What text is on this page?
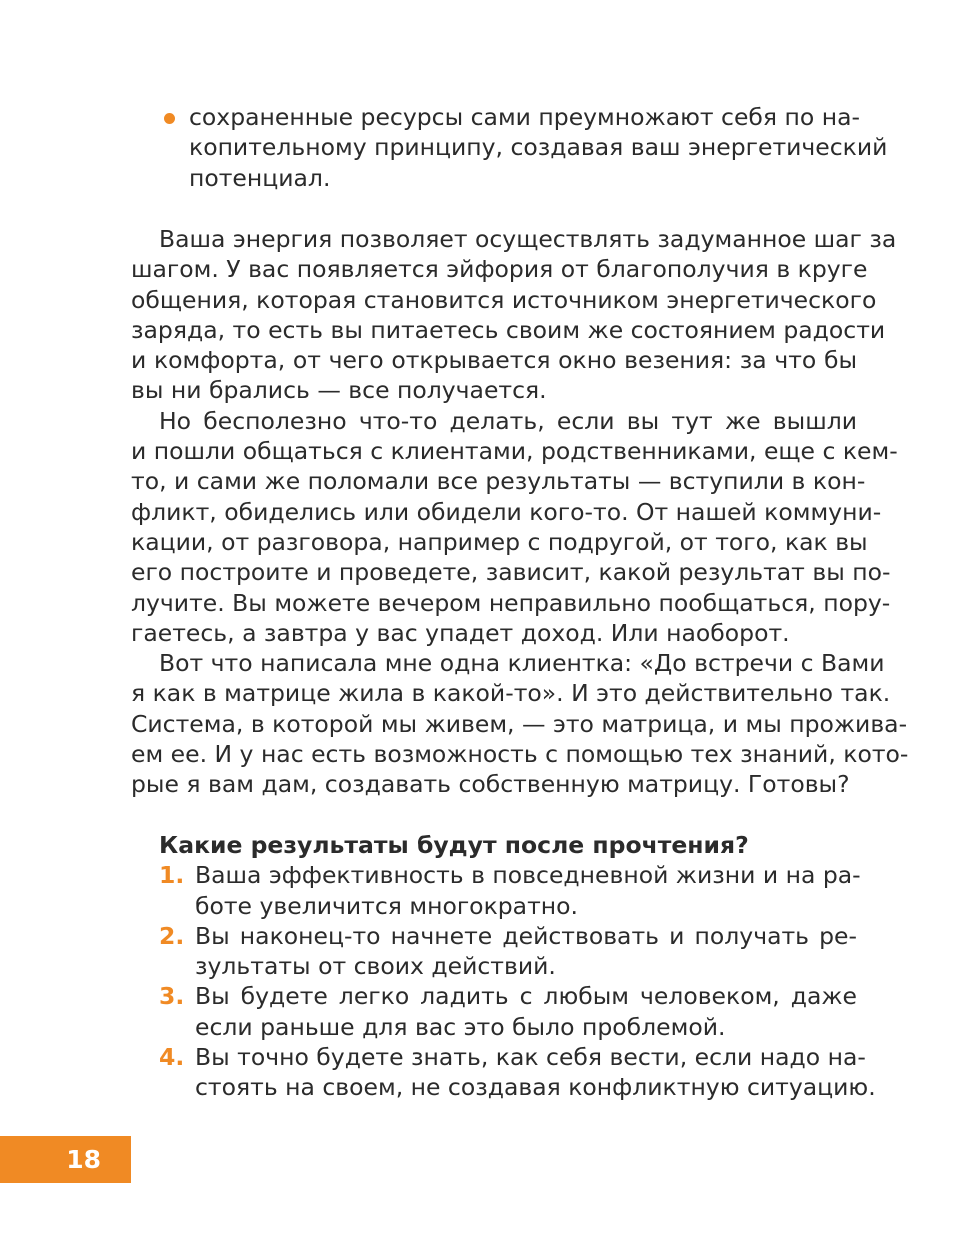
сохраненные ресурсы сами преумножают себя по на-
копительному принципу, создавая ваш энергетический
потенциал.
Ваша энергия позволяет осуществлять задуманное шаг за
шагом. У вас появляется эйфория от благополучия в круге
общения, которая становится источником энергетического
заряда, то есть вы питаетесь своим же состоянием радости
и комфорта, от чего открывается окно везения: за что бы
вы ни брались — все получается.
Но бесполезно что-то делать, если вы тут же вышли
и пошли общаться с клиентами, родственниками, еще с кем-
то, и сами же поломали все результаты — вступили в кон-
фликт, обиделись или обидели кого-то. От нашей коммуни-
кации, от разговора, например с подругой, от того, как вы
его построите и проведете, зависит, какой результат вы по-
лучите. Вы можете вечером неправильно пообщаться, пору-
гаетесь, а завтра у вас упадет доход. Или наоборот.
Вот что написала мне одна клиентка: «До встречи с Вами
я как в матрице жила в какой-то». И это действительно так.
Система, в которой мы живем, — это матрица, и мы прожива-
ем ее. И у нас есть возможность с помощью тех знаний, кото-
рые я вам дам, создавать собственную матрицу. Готовы?
Какие результаты будут после прочтения?
1. Ваша эффективность в повседневной жизни и на ра-
боте увеличится многократно.
2. Вы наконец-то начнете действовать и получать ре-
зультаты от своих действий.
3. Вы будете легко ладить с любым человеком, даже
если раньше для вас это было проблемой.
4. Вы точно будете знать, как себя вести, если надо на-
стоять на своем, не создавая конфликтную ситуацию.
18
